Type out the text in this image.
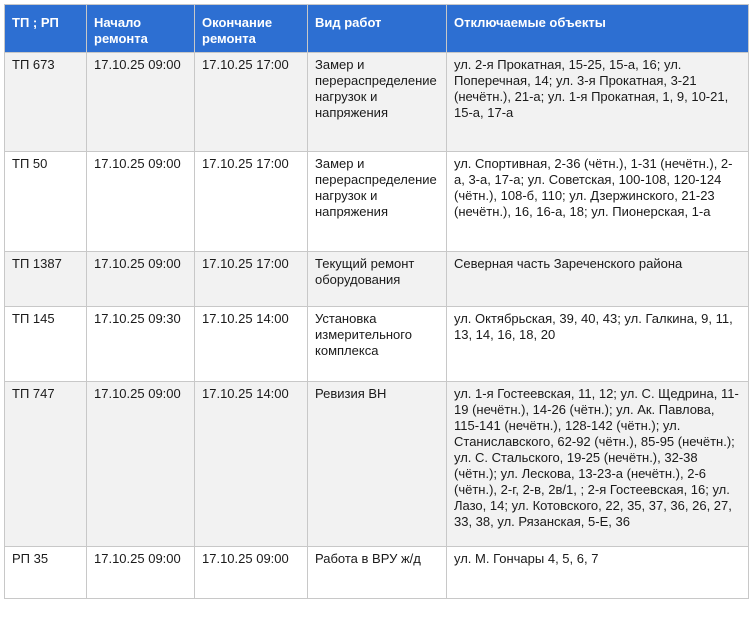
ТП ; РП	Начало ремонта	Окончание ремонта	Вид работ	Отключаемые объекты
ТП 673	17.10.25 09:00	17.10.25 17:00	Замер и перераспределение нагрузок и напряжения	ул. 2-я Прокатная, 15-25, 15-а, 16; ул. Поперечная, 14; ул. 3-я Прокатная, 3-21 (нечётн.), 21-а; ул. 1-я Прокатная, 1, 9, 10-21, 15-а, 17-а
ТП 50	17.10.25 09:00	17.10.25 17:00	Замер и перераспределение нагрузок и напряжения	ул. Спортивная, 2-36 (чётн.), 1-31 (нечётн.), 2-а, 3-а, 17-а; ул. Советская, 100-108, 120-124 (чётн.), 108-б, 110; ул. Дзержинского, 21-23 (нечётн.), 16, 16-а, 18; ул. Пионерская, 1-а
ТП 1387	17.10.25 09:00	17.10.25 17:00	Текущий ремонт оборудования	Северная часть Зареченского района
ТП 145	17.10.25 09:30	17.10.25 14:00	Установка измерительного комплекса	ул. Октябрьская, 39, 40, 43; ул. Галкина, 9, 11, 13, 14, 16, 18, 20
ТП 747	17.10.25 09:00	17.10.25 14:00	Ревизия ВН	ул. 1-я Гостеевская, 11, 12; ул. С. Щедрина, 11-19 (нечётн.), 14-26 (чётн.); ул. Ак. Павлова, 115-141 (нечётн.), 128-142 (чётн.); ул. Станиславского, 62-92 (чётн.), 85-95 (нечётн.); ул. С. Стальского, 19-25 (нечётн.), 32-38 (чётн.); ул. Лескова, 13-23-а (нечётн.), 2-6 (чётн.), 2-г, 2-в, 2в/1, ; 2-я Гостеевская, 16; ул. Лазо, 14; ул. Котовского, 22, 35, 37, 36, 26, 27, 33, 38, ул. Рязанская, 5-Е, 36
РП 35	17.10.25 09:00	17.10.25 09:00	Работа в ВРУ ж/д	ул. М. Гончары 4, 5, 6, 7
